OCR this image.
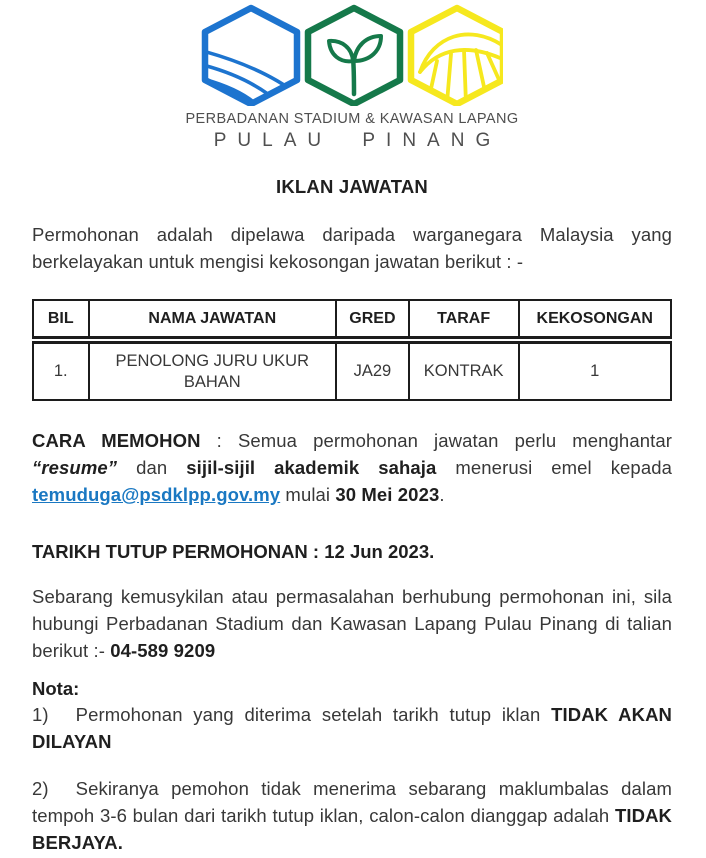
PERBADANAN STADIUM & KAWASAN LAPANG
PULAU PINANG
IKLAN JAWATAN

Permohonan adalah dipelawa daripada warganegara Malaysia yang berkelayakan untuk mengisi kekosongan jawatan berikut : -

BIL	NAMA JAWATAN	GRED	TARAF	KEKOSONGAN
1.	PENOLONG JURU UKUR BAHAN	JA29	KONTRAK	1

CARA MEMOHON : Semua permohonan jawatan perlu menghantar “resume” dan sijil-sijil akademik sahaja menerusi emel kepada temuduga@psdklpp.gov.my mulai 30 Mei 2023.

TARIKH TUTUP PERMOHONAN : 12 Jun 2023.

Sebarang kemusykilan atau permasalahan berhubung permohonan ini, sila hubungi Perbadanan Stadium dan Kawasan Lapang Pulau Pinang di talian berikut :- 04-589 9209

Nota:

1) Permohonan yang diterima setelah tarikh tutup iklan TIDAK AKAN DILAYAN

2) Sekiranya pemohon tidak menerima sebarang maklumbalas dalam tempoh 3-6 bulan dari tarikh tutup iklan, calon-calon dianggap adalah TIDAK BERJAYA.
